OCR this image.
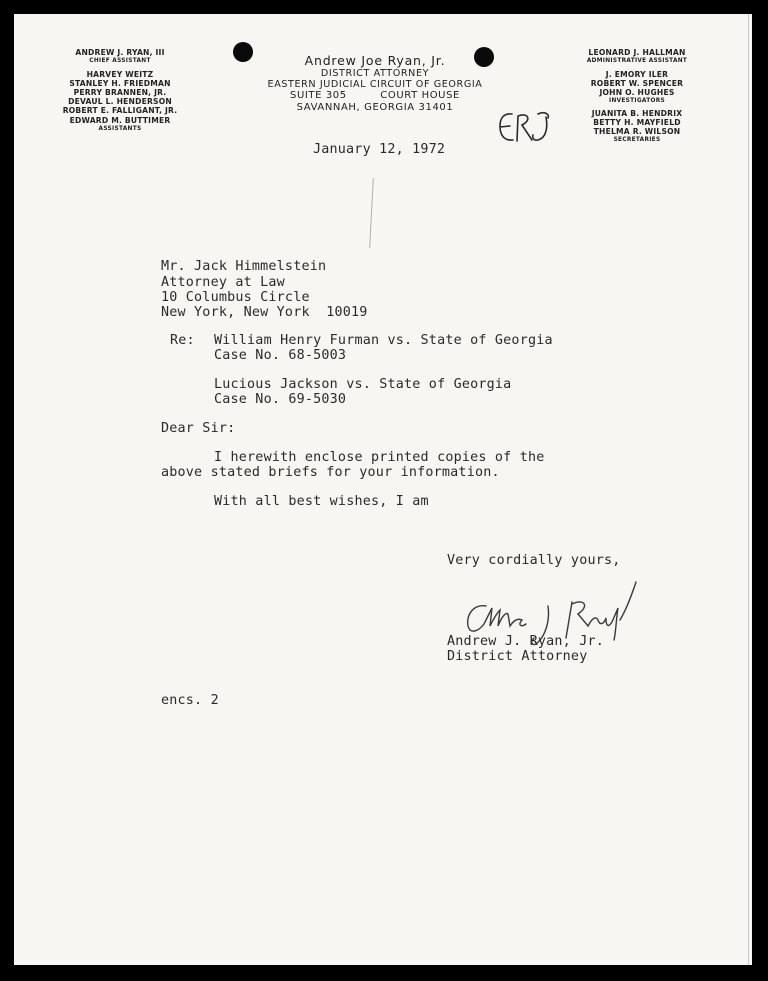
ANDREW J. RYAN, III
CHIEF ASSISTANT
HARVEY WEITZ
STANLEY H. FRIEDMAN
PERRY BRANNEN, JR.
DEVAUL L. HENDERSON
ROBERT E. FALLIGANT, JR.
EDWARD M. BUTTIMER
ASSISTANTS
Andrew Joe Ryan, Jr.
DISTRICT ATTORNEY
EASTERN JUDICIAL CIRCUIT OF GEORGIA
SUITE 305	COURT HOUSE
SAVANNAH, GEORGIA 31401
LEONARD J. HALLMAN
ADMINISTRATIVE ASSISTANT
J. EMORY ILER
ROBERT W. SPENCER
JOHN O. HUGHES
INVESTIGATORS
JUANITA B. HENDRIX
BETTY H. MAYFIELD
THELMA R. WILSON
SECRETARIES
January 12, 1972
Mr. Jack Himmelstein
Attorney at Law
10 Columbus Circle
New York, New York  10019
Re: William Henry Furman vs. State of Georgia
Case No. 68-5003
Lucious Jackson vs. State of Georgia
Case No. 69-5030
Dear Sir:
I herewith enclose printed copies of the
above stated briefs for your information.
With all best wishes, I am
Very cordially yours,
Andrew J. Ryan, Jr.
District Attorney
encs. 2
